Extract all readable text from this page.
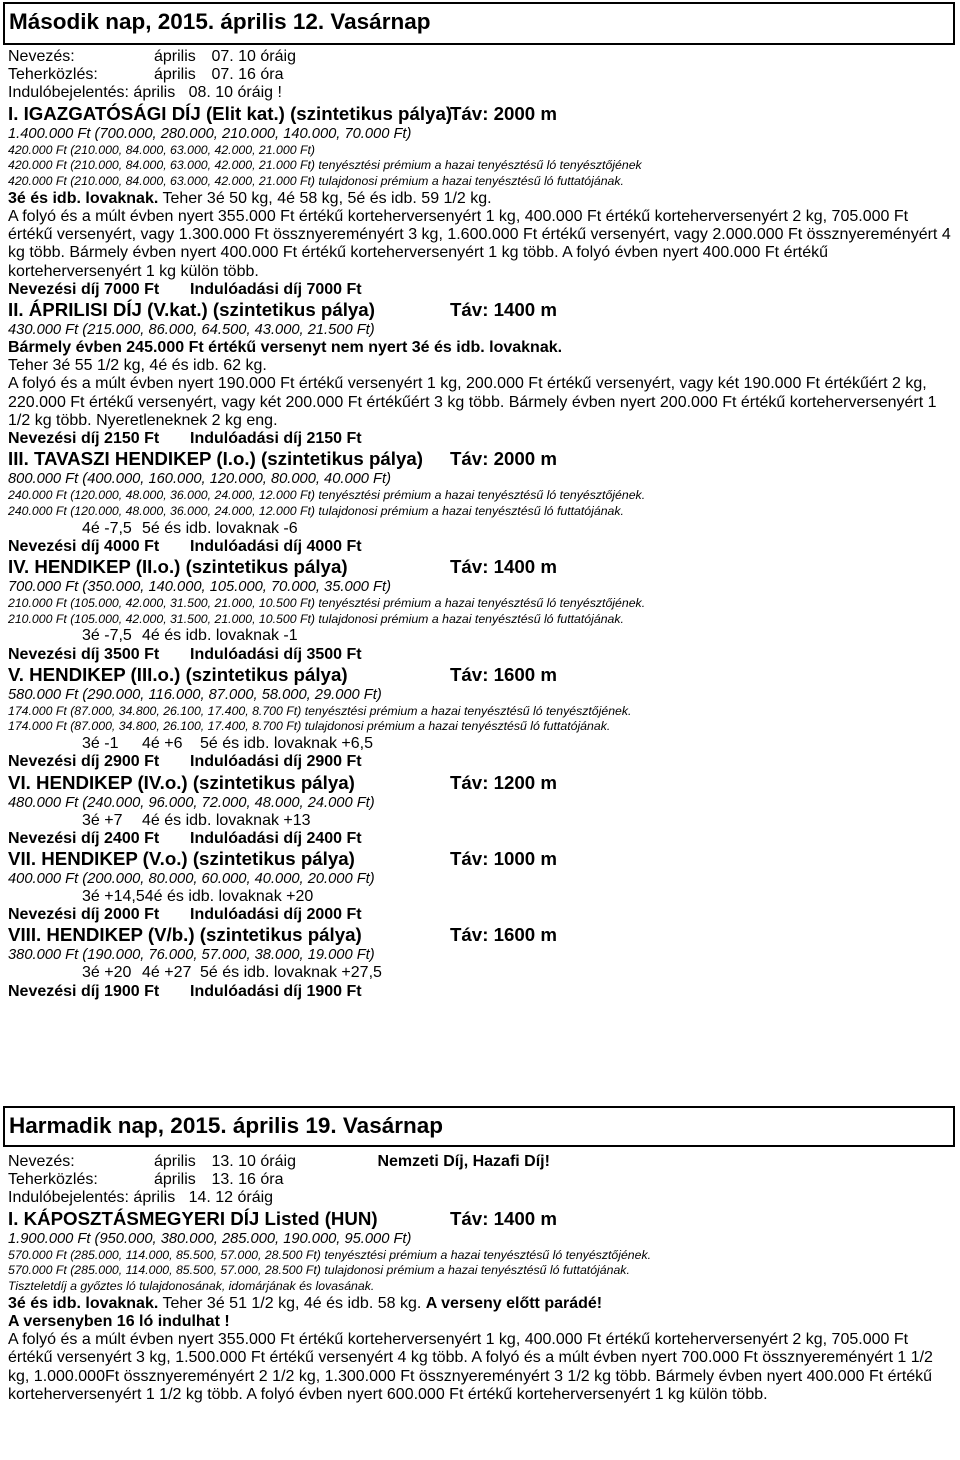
Második nap, 2015. április 12. Vasárnap
Nevezés:	április 07. 10 óráig
Teherközlés:	április 07. 16 óra
Indulóbejelentés: április 08. 10 óráig !
I. IGAZGATÓSÁGI DÍJ (Elit kat.) (szintetikus pálya)Táv: 2000 m
1.400.000 Ft (700.000, 280.000, 210.000, 140.000, 70.000 Ft)
420.000 Ft (210.000, 84.000, 63.000, 42.000, 21.000 Ft)
420.000 Ft (210.000, 84.000, 63.000, 42.000, 21.000 Ft) tenyésztési prémium a hazai tenyésztésű ló tenyésztőjének
420.000 Ft (210.000, 84.000, 63.000, 42.000, 21.000 Ft) tulajdonosi prémium a hazai tenyésztésű ló futtatójának.
3é és idb. lovaknak. Teher 3é 50 kg, 4é 58 kg, 5é és idb. 59 1/2 kg.
A folyó és a múlt évben nyert 355.000 Ft értékű korteherversenyért 1 kg, 400.000 Ft értékű korteherversenyért 2 kg, 705.000 Ft értékű versenyért, vagy 1.300.000 Ft össznyereményért 3 kg, 1.600.000 Ft értékű versenyért, vagy 2.000.000 Ft össznyereményért 4 kg több. Bármely évben nyert 400.000 Ft értékű korteherversenyért 1 kg több. A folyó évben nyert 400.000 Ft értékű korteherversenyért 1 kg külön több.
Nevezési díj 7000 Ft Indulóadási díj 7000 Ft
II. ÁPRILISI DÍJ (V.kat.) (szintetikus pálya)	Táv: 1400 m
430.000 Ft (215.000, 86.000, 64.500, 43.000, 21.500 Ft)
Bármely évben 245.000 Ft értékű versenyt nem nyert 3é és idb. lovaknak.
Teher 3é 55 1/2 kg, 4é és idb. 62 kg.
A folyó és a múlt évben nyert 190.000 Ft értékű versenyért 1 kg, 200.000 Ft értékű versenyért, vagy két 190.000 Ft értékűért 2 kg, 220.000 Ft értékű versenyért, vagy két 200.000 Ft értékűért 3 kg több. Bármely évben nyert 200.000 Ft értékű korteherversenyért 1 1/2 kg több. Nyeretleneknek 2 kg eng.
Nevezési díj 2150 Ft Indulóadási díj 2150 Ft
III. TAVASZI HENDIKEP (I.o.) (szintetikus pálya) Táv: 2000 m
800.000 Ft (400.000, 160.000, 120.000, 80.000, 40.000 Ft)
240.000 Ft (120.000, 48.000, 36.000, 24.000, 12.000 Ft) tenyésztési prémium a hazai tenyésztésű ló tenyésztőjének.
240.000 Ft (120.000, 48.000, 36.000, 24.000, 12.000 Ft) tulajdonosi prémium a hazai tenyésztésű ló futtatójának.
4é -7,5 5é és idb. lovaknak -6
Nevezési díj 4000 Ft Indulóadási díj 4000 Ft
IV. HENDIKEP (II.o.) (szintetikus pálya)	Táv: 1400 m
700.000 Ft (350.000, 140.000, 105.000, 70.000, 35.000 Ft)
210.000 Ft (105.000, 42.000, 31.500, 21.000, 10.500 Ft) tenyésztési prémium a hazai tenyésztésű ló tenyésztőjének.
210.000 Ft (105.000, 42.000, 31.500, 21.000, 10.500 Ft) tulajdonosi prémium a hazai tenyésztésű ló futtatójának.
3é -7,5 4é és idb. lovaknak -1
Nevezési díj 3500 Ft Indulóadási díj 3500 Ft
V. HENDIKEP (III.o.) (szintetikus pálya)	Táv: 1600 m
580.000 Ft (290.000, 116.000, 87.000, 58.000, 29.000 Ft)
174.000 Ft (87.000, 34.800, 26.100, 17.400, 8.700 Ft) tenyésztési prémium a hazai tenyésztésű ló tenyésztőjének.
174.000 Ft (87.000, 34.800, 26.100, 17.400, 8.700 Ft) tulajdonosi prémium a hazai tenyésztésű ló futtatójának.
3é -1 4é +6 5é és idb. lovaknak +6,5
Nevezési díj 2900 Ft Indulóadási díj 2900 Ft
VI. HENDIKEP (IV.o.) (szintetikus pálya)	Táv: 1200 m
480.000 Ft (240.000, 96.000, 72.000, 48.000, 24.000 Ft)
3é +7 4é és idb. lovaknak +13
Nevezési díj 2400 Ft Indulóadási díj 2400 Ft
VII. HENDIKEP (V.o.) (szintetikus pálya)	Táv: 1000 m
400.000 Ft (200.000, 80.000, 60.000, 40.000, 20.000 Ft)
3é +14,54é és idb. lovaknak +20
Nevezési díj 2000 Ft Indulóadási díj 2000 Ft
VIII. HENDIKEP (V/b.) (szintetikus pálya)	Táv: 1600 m
380.000 Ft (190.000, 76.000, 57.000, 38.000, 19.000 Ft)
3é +20 4é +27 5é és idb. lovaknak +27,5
Nevezési díj 1900 Ft Indulóadási díj 1900 Ft
Harmadik nap, 2015. április 19. Vasárnap
Nevezés:	április 13. 10 óráig	Nemzeti Díj, Hazafi Díj!
Teherközlés:	április 13. 16 óra
Indulóbejelentés: április 14. 12 óráig
I. KÁPOSZTÁSMEGYERI DÍJ Listed (HUN)	Táv: 1400 m
1.900.000 Ft (950.000, 380.000, 285.000, 190.000, 95.000 Ft)
570.000 Ft (285.000, 114.000, 85.500, 57.000, 28.500 Ft) tenyésztési prémium a hazai tenyésztésű ló tenyésztőjének.
570.000 Ft (285.000, 114.000, 85.500, 57.000, 28.500 Ft) tulajdonosi prémium a hazai tenyésztésű ló futtatójának.
Tiszteletdíj a győztes ló tulajdonosának, idomárjának és lovasának.
3é és idb. lovaknak. Teher 3é 51 1/2 kg, 4é és idb. 58 kg. A verseny előtt parádé!
A versenyben 16 ló indulhat !
A folyó és a múlt évben nyert 355.000 Ft értékű korteherversenyért 1 kg, 400.000 Ft értékű korteherversenyért 2 kg, 705.000 Ft értékű versenyért 3 kg, 1.500.000 Ft értékű versenyért 4 kg több. A folyó és a múlt évben nyert 700.000 Ft össznyereményért 1 1/2 kg, 1.000.000Ft össznyereményért 2 1/2 kg, 1.300.000 Ft össznyereményért 3 1/2 kg több. Bármely évben nyert 400.000 Ft értékű korteherversenyért 1 1/2 kg több. A folyó évben nyert 600.000 Ft értékű korteherversenyért 1 kg külön több.
